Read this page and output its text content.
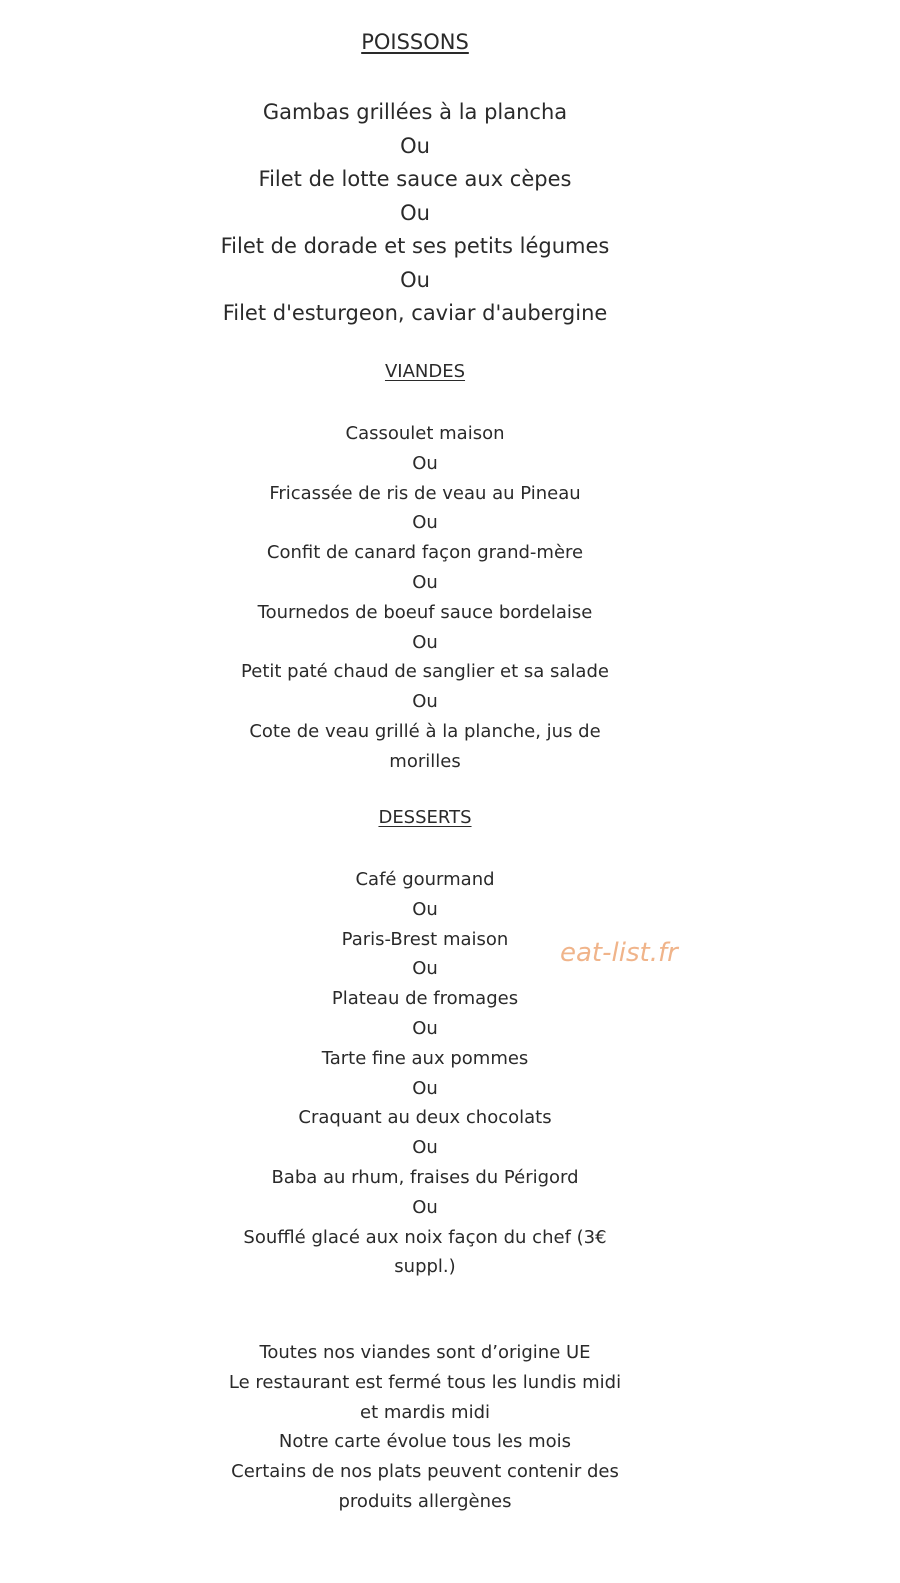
POISSONS
Gambas grillées à la plancha
Ou
Filet de lotte sauce aux cèpes
Ou
Filet de dorade et ses petits légumes
Ou
Filet d'esturgeon, caviar d'aubergine
VIANDES
Cassoulet maison
Ou
Fricassée de ris de veau au Pineau
Ou
Confit de canard façon grand-mère
Ou
Tournedos de boeuf sauce bordelaise
Ou
Petit paté chaud de sanglier et sa salade
Ou
Cote de veau grillé à la planche, jus de morilles
DESSERTS
Café gourmand
Ou
Paris-Brest maison
Ou
Plateau de fromages
Ou
Tarte fine aux pommes
Ou
Craquant au deux chocolats
Ou
Baba au rhum, fraises du Périgord
Ou
Soufflé glacé aux noix façon du chef (3€ suppl.)
Toutes nos viandes sont d’origine UE
Le restaurant est fermé tous les lundis midi et mardis midi
Notre carte évolue tous les mois
Certains de nos plats peuvent contenir des produits allergènes
eat-list.fr
